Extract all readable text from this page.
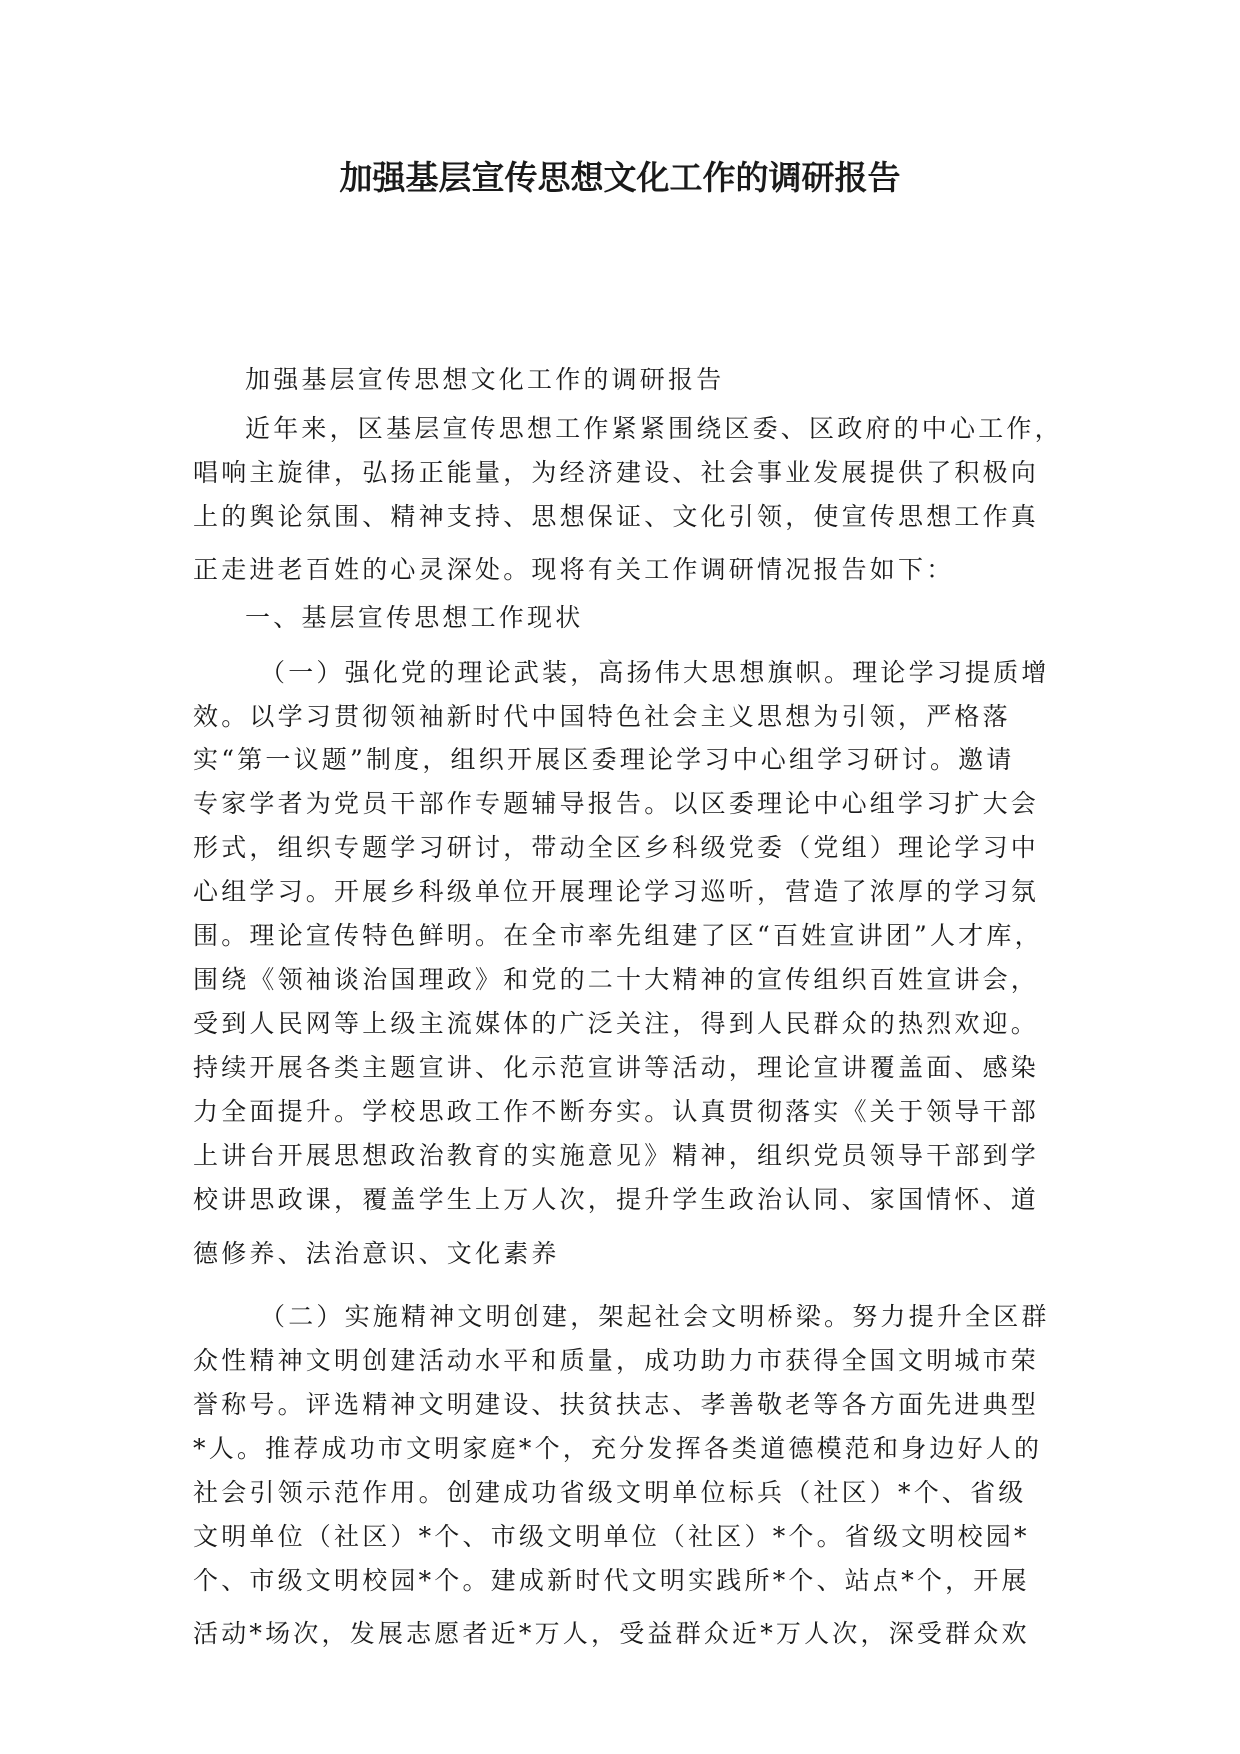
加强基层宣传思想文化工作的调研报告
加强基层宣传思想文化工作的调研报告
近年来，区基层宣传思想工作紧紧围绕区委、区政府的中心工作，
唱响主旋律，弘扬正能量，为经济建设、社会事业发展提供了积极向
上的舆论氛围、精神支持、思想保证、文化引领，使宣传思想工作真
正走进老百姓的心灵深处。现将有关工作调研情况报告如下：
一、基层宣传思想工作现状
（一）强化党的理论武装，高扬伟大思想旗帜。理论学习提质增
效。以学习贯彻领袖新时代中国特色社会主义思想为引领，严格落
实“第一议题”制度，组织开展区委理论学习中心组学习研讨。邀请
专家学者为党员干部作专题辅导报告。以区委理论中心组学习扩大会
形式，组织专题学习研讨，带动全区乡科级党委（党组）理论学习中
心组学习。开展乡科级单位开展理论学习巡听，营造了浓厚的学习氛
围。理论宣传特色鲜明。在全市率先组建了区“百姓宣讲团”人才库，
围绕《领袖谈治国理政》和党的二十大精神的宣传组织百姓宣讲会，
受到人民网等上级主流媒体的广泛关注，得到人民群众的热烈欢迎。
持续开展各类主题宣讲、化示范宣讲等活动，理论宣讲覆盖面、感染
力全面提升。学校思政工作不断夯实。认真贯彻落实《关于领导干部
上讲台开展思想政治教育的实施意见》精神，组织党员领导干部到学
校讲思政课，覆盖学生上万人次，提升学生政治认同、家国情怀、道
德修养、法治意识、文化素养
（二）实施精神文明创建，架起社会文明桥梁。努力提升全区群
众性精神文明创建活动水平和质量，成功助力市获得全国文明城市荣
誉称号。评选精神文明建设、扶贫扶志、孝善敬老等各方面先进典型
*人。推荐成功市文明家庭*个，充分发挥各类道德模范和身边好人的
社会引领示范作用。创建成功省级文明单位标兵（社区）*个、省级
文明单位（社区）*个、市级文明单位（社区）*个。省级文明校园*
个、市级文明校园*个。建成新时代文明实践所*个、站点*个，开展
活动*场次，发展志愿者近*万人，受益群众近*万人次，深受群众欢
